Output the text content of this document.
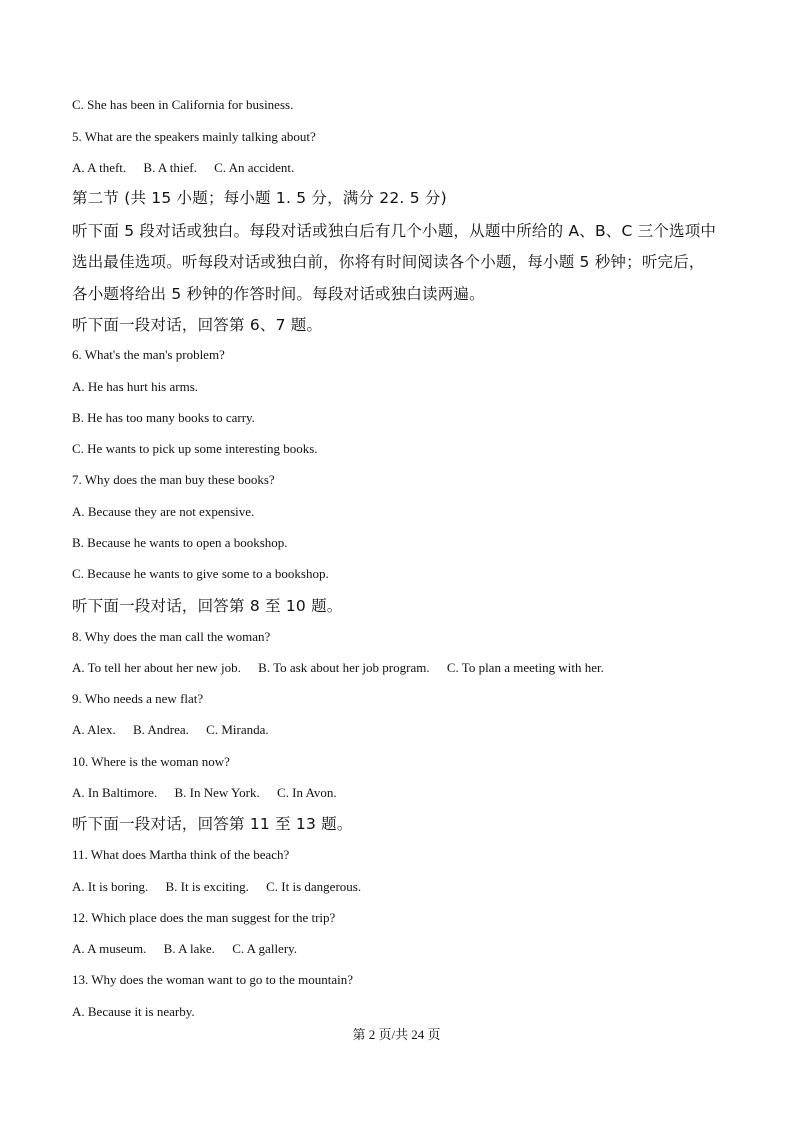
C. She has been in California for business.
5. What are the speakers mainly talking about?
A. A theft. B. A thief. C. An accident.
第二节 (共 15 小题；每小题 1. 5 分，满分 22. 5 分)
听下面 5 段对话或独白。每段对话或独白后有几个小题，从题中所给的 A、B、C 三个选项中
选出最佳选项。听每段对话或独白前，你将有时间阅读各个小题，每小题 5 秒钟；听完后，
各小题将给出 5 秒钟的作答时间。每段对话或独白读两遍。
听下面一段对话，回答第 6、7 题。
6. What's the man's problem?
A. He has hurt his arms.
B. He has too many books to carry.
C. He wants to pick up some interesting books.
7. Why does the man buy these books?
A. Because they are not expensive.
B. Because he wants to open a bookshop.
C. Because he wants to give some to a bookshop.
听下面一段对话，回答第 8 至 10 题。
8. Why does the man call the woman?
A. To tell her about her new job. B. To ask about her job program. C. To plan a meeting with her.
9. Who needs a new flat?
A. Alex. B. Andrea. C. Miranda.
10. Where is the woman now?
A. In Baltimore. B. In New York. C. In Avon.
听下面一段对话，回答第 11 至 13 题。
11. What does Martha think of the beach?
A. It is boring. B. It is exciting. C. It is dangerous.
12. Which place does the man suggest for the trip?
A. A museum. B. A lake. C. A gallery.
13. Why does the woman want to go to the mountain?
A. Because it is nearby.
第 2 页/共 24 页
